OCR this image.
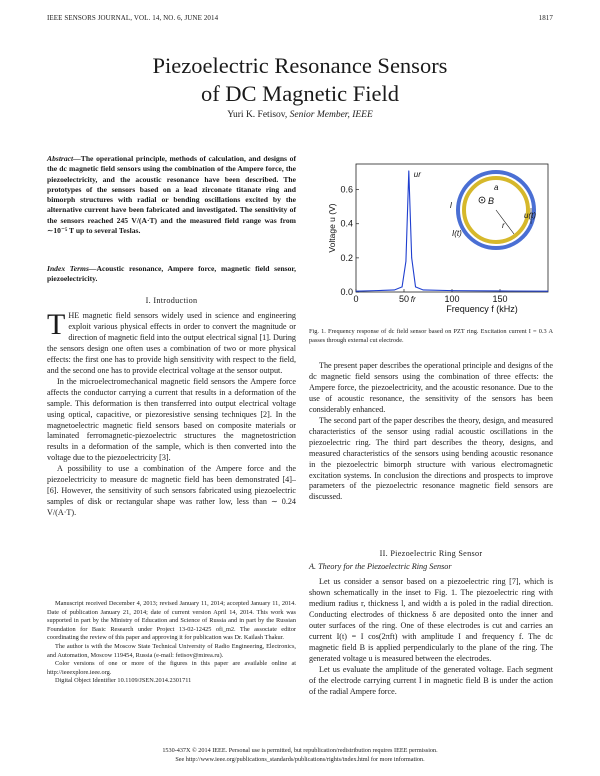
IEEE SENSORS JOURNAL, VOL. 14, NO. 6, JUNE 2014	1817
Piezoelectric Resonance Sensors
of DC Magnetic Field
Yuri K. Fetisov, Senior Member, IEEE
Abstract—The operational principle, methods of calculation, and designs of the dc magnetic field sensors using the combination of the Ampere force, the piezoelectricity, and the acoustic resonance have been described. The prototypes of the sensors based on a lead zirconate titanate ring and bimorph structures with radial or bending oscillations excited by the alternative current have been fabricated and investigated. The sensitivity of the sensors reached 245 V/(A·T) and the measured field range was from ∼10⁻⁵ T up to several Teslas.
Index Terms—Acoustic resonance, Ampere force, magnetic field sensor, piezoelectricity.
I. Introduction

THE magnetic field sensors widely used in science and engineering exploit various physical effects in order to convert the magnitude or direction of magnetic field into the output electrical signal [1]. During the sensors design one often uses a combination of two or more physical effects: the first one has to provide high sensitivity with respect to the field, and the second one has to provide electrical voltage at the sensor output.

In the microelectromechanical magnetic field sensors the Ampere force affects the conductor carrying a current that results in a deformation of the sample. This deformation is then transferred into output electrical voltage using optical, capacitive, or piezoresistive sensing techniques [2]. In the magnetoelectric magnetic field sensors based on composite materials or laminated ferromagnetic-piezoelectric structures the magnetostriction results in a deformation of the sample, which is then converted into the voltage due to the piezoelectricity [3].

A possibility to use a combination of the Ampere force and the piezoelectricity to measure dc magnetic field has been demonstrated [4]–[6]. However, the sensitivity of such sensors fabricated using piezoelectric samples of disk or rectangular shape was rather low, less than ∼ 0.24 V/(A·T).

Manuscript received December 4, 2013; revised January 11, 2014; accepted January 11, 2014. Date of publication January 21, 2014; date of current version April 14, 2014. This work was supported in part by the Ministry of Education and Science of Russia and in part by the Russian Foundation for Basic Research under Project 13-02-12425 ofi_m2. The associate editor coordinating the review of this paper and approving it for publication was Dr. Kailash Thakur.

The author is with the Moscow State Technical University of Radio Engineering, Electronics, and Automation, Moscow 119454, Russia (e-mail: fetisov@mirea.ru).

Color versions of one or more of the figures in this paper are available online at http://ieeexplore.ieee.org.

Digital Object Identifier 10.1109/JSEN.2014.2301711

0	50	100	150
0.0
0.2
0.4
0.6
Frequency f (kHz)
Voltage u (V)
ur
fr
B
r
a
l
u(t)
I(t)
Fig. 1. Frequency response of dc field sensor based on PZT ring. Excitation current I = 0.3 A passes through external cut electrode.

The present paper describes the operational principle and designs of the dc magnetic field sensors using the combination of three effects: the Ampere force, the piezoelectricity, and the acoustic resonance. Due to the use of acoustic resonance, the sensitivity of the sensors has been considerably enhanced.

The second part of the paper describes the theory, design, and measured characteristics of the sensor using radial acoustic oscillations in the piezoelectric ring. The third part describes the theory, designs, and measured characteristics of the sensors using bending acoustic resonance in the piezoelectric bimorph structure with various electromagnetic excitation systems. In conclusion the directions and prospects to improve parameters of the piezoelectric resonance magnetic field sensors are discussed.

II. Piezoelectric Ring Sensor
A. Theory for the Piezoelectric Ring Sensor

Let us consider a sensor based on a piezoelectric ring [7], which is shown schematically in the inset to Fig. 1. The piezoelectric ring with medium radius r, thickness l, and width a is poled in the radial direction. Conducting electrodes of thickness δ are deposited onto the inner and outer surfaces of the ring. One of these electrodes is cut and carries an current I(t) = I cos(2πft) with amplitude I and frequency f. The dc magnetic field B is applied perpendicularly to the plane of the ring. The generated voltage u is measured between the electrodes.

Let us evaluate the amplitude of the generated voltage. Each segment of the electrode carrying current I in magnetic field B is under the action of the radial Ampere force.

1530-437X © 2014 IEEE. Personal use is permitted, but republication/redistribution requires IEEE permission.
See http://www.ieee.org/publications_standards/publications/rights/index.html for more information.
